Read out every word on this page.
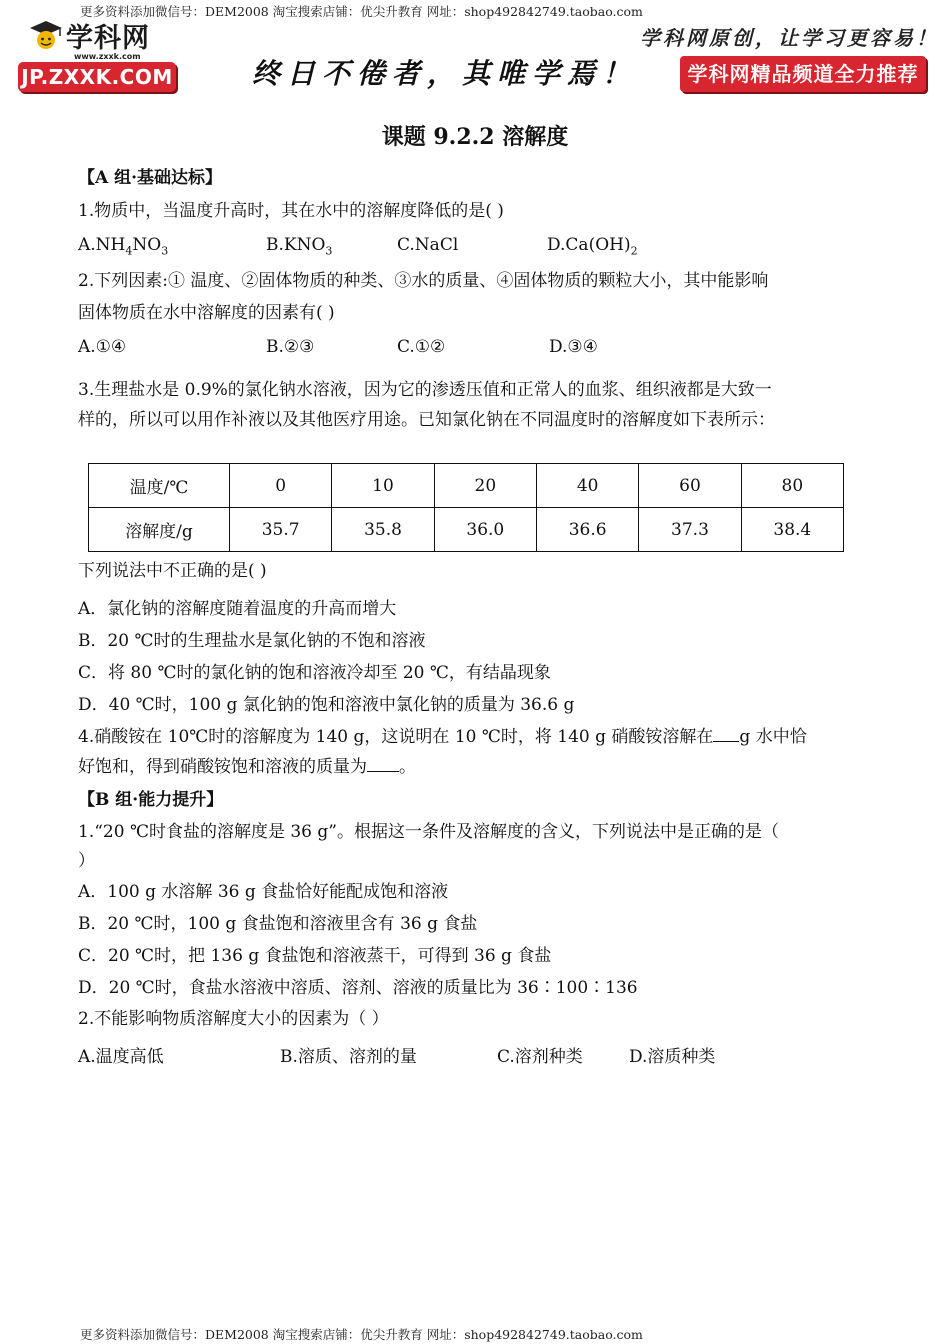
更多资料添加微信号：DEM2008 淘宝搜索店铺：优尖升教育 网址：shop492842749.taobao.com
学科网
www.zxxk.com
JP.ZXXK.COM	终日不倦者，其唯学焉！
学科网原创，让学习更容易！
学科网精品频道全力推荐
课题 9.2.2 溶解度
【A 组·基础达标】
1.物质中，当温度升高时，其在水中的溶解度降低的是( )
$A.NH_4NO_3$	$B.KNO_3$	C.NaCl	$D.Ca(OH)_2$
2.下列因素:① 温度、②固体物质的种类、③水的质量、④固体物质的颗粒大小，其中能影响
固体物质在水中溶解度的因素有( )
A.①④	B.②③	C.①②	D.③④
3.生理盐水是 0.9%的氯化钠水溶液，因为它的渗透压值和正常人的血浆、组织液都是大致一
样的，所以可以用作补液以及其他医疗用途。已知氯化钠在不同温度时的溶解度如下表所示：
温度/℃	0	10	20	40	60	80
溶解度/g	35.7	35.8	36.0	36.6	37.3	38.4
下列说法中不正确的是( )
A．氯化钠的溶解度随着温度的升高而增大
B．20 ℃时的生理盐水是氯化钠的不饱和溶液
C．将 80 ℃时的氯化钠的饱和溶液冷却至 20 ℃，有结晶现象
D．40 ℃时，100 g 氯化钠的饱和溶液中氯化钠的质量为 36.6 g
4.硝酸铵在 10℃时的溶解度为 140 g，这说明在 10 ℃时，将 140 g 硝酸铵溶解在 g 水中恰
好饱和，得到硝酸铵饱和溶液的质量为 。
【B 组·能力提升】
1.“20 ℃时食盐的溶解度是 36 g”。根据这一条件及溶解度的含义，下列说法中是正确的是（
）
A．100 g 水溶解 36 g 食盐恰好能配成饱和溶液
B．20 ℃时，100 g 食盐饱和溶液里含有 36 g 食盐
C．20 ℃时，把 136 g 食盐饱和溶液蒸干，可得到 36 g 食盐
D．20 ℃时，食盐水溶液中溶质、溶剂、溶液的质量比为 36∶100∶136
2.不能影响物质溶解度大小的因素为（ ）
A.温度高低	B.溶质、溶剂的量	C.溶剂种类	D.溶质种类
更多资料添加微信号：DEM2008 淘宝搜索店铺：优尖升教育 网址：shop492842749.taobao.com
